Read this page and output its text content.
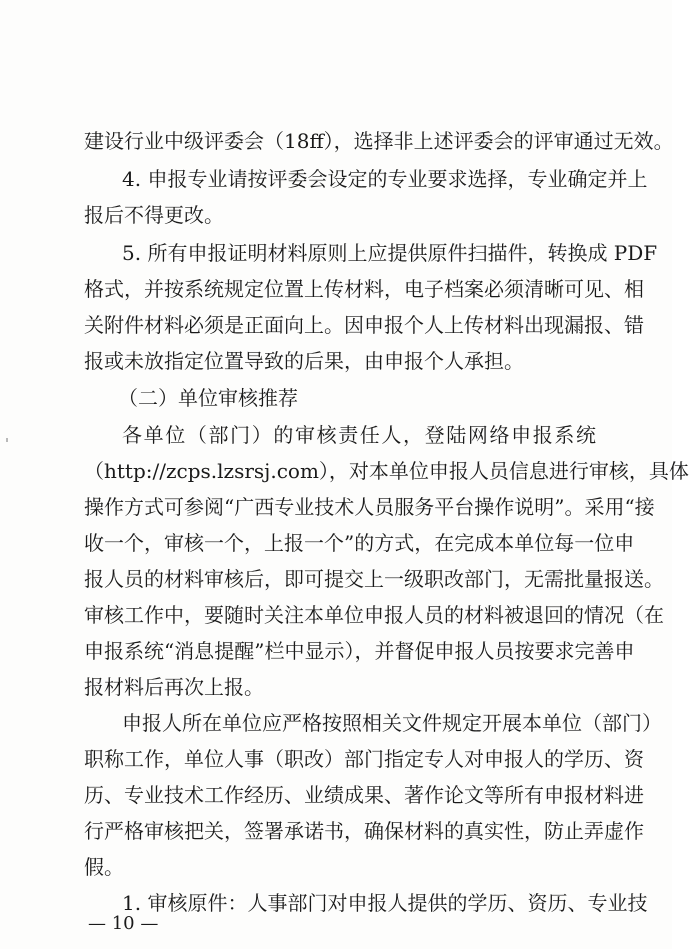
建设行业中级评委会（18ff），选择非上述评委会的评审通过无效。
4. 申报专业请按评委会设定的专业要求选择，专业确定并上
报后不得更改。
5. 所有申报证明材料原则上应提供原件扫描件，转换成 PDF
格式，并按系统规定位置上传材料，电子档案必须清晰可见、相
关附件材料必须是正面向上。因申报个人上传材料出现漏报、错
报或未放指定位置导致的后果，由申报个人承担。
（二）单位审核推荐
各单位（部门）的审核责任人，登陆网络申报系统
（http://zcps.lzsrsj.com），对本单位申报人员信息进行审核，具体
操作方式可参阅“广西专业技术人员服务平台操作说明”。采用“接
收一个，审核一个，上报一个”的方式，在完成本单位每一位申
报人员的材料审核后，即可提交上一级职改部门，无需批量报送。
审核工作中，要随时关注本单位申报人员的材料被退回的情况（在
申报系统“消息提醒”栏中显示），并督促申报人员按要求完善申
报材料后再次上报。
申报人所在单位应严格按照相关文件规定开展本单位（部门）
职称工作，单位人事（职改）部门指定专人对申报人的学历、资
历、专业技术工作经历、业绩成果、著作论文等所有申报材料进
行严格审核把关，签署承诺书，确保材料的真实性，防止弄虚作
假。
1. 审核原件：人事部门对申报人提供的学历、资历、专业技
— 10 —
